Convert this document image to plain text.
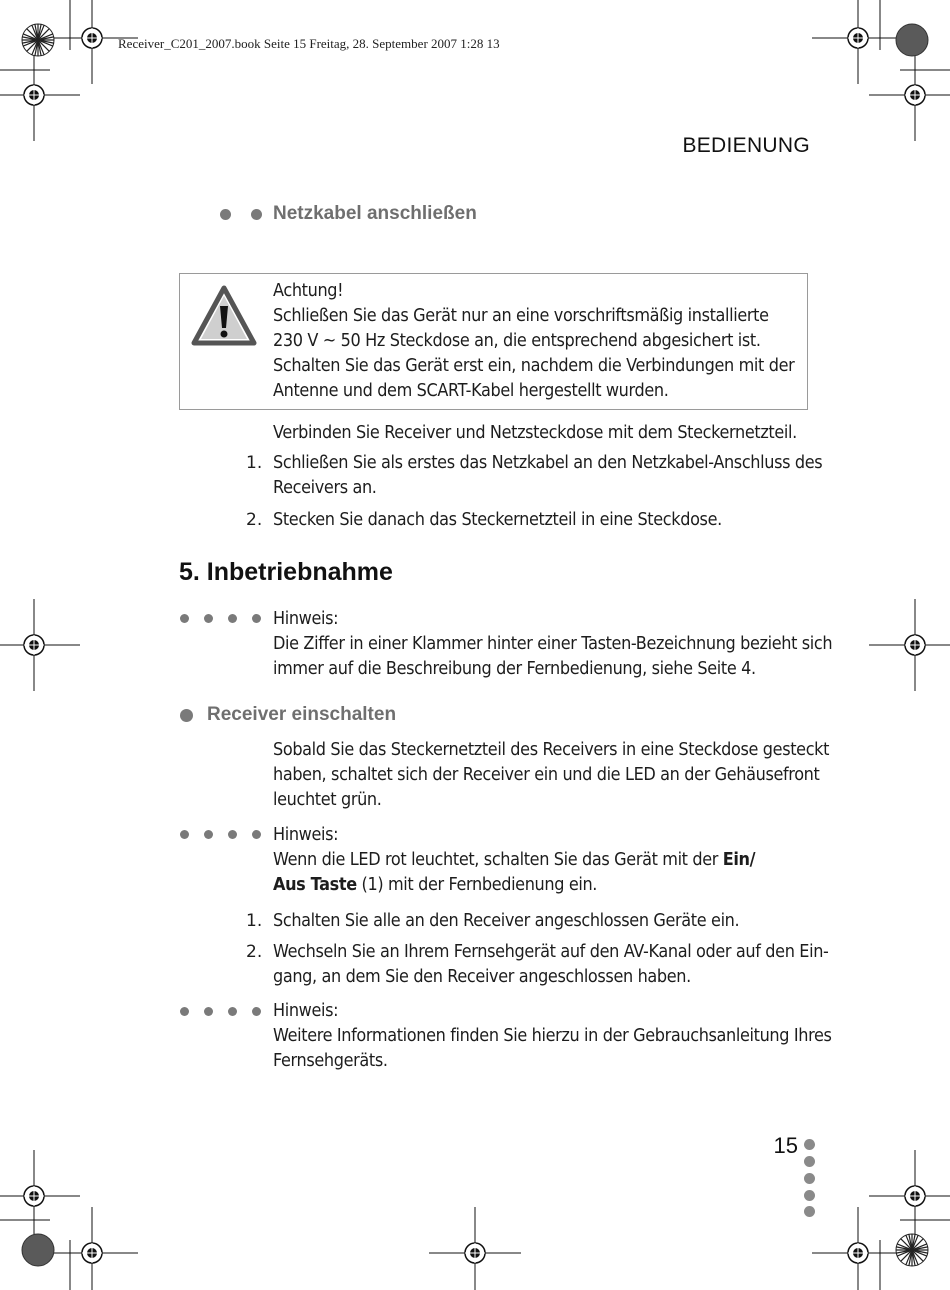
Receiver_C201_2007.book Seite 15 Freitag, 28. September 2007 1:28 13
BEDIENUNG
Netzkabel anschließen
Achtung!
Schließen Sie das Gerät nur an eine vorschriftsmäßig installierte
230 V ~ 50 Hz Steckdose an, die entsprechend abgesichert ist.
Schalten Sie das Gerät erst ein, nachdem die Verbindungen mit der
Antenne und dem SCART-Kabel hergestellt wurden.
Verbinden Sie Receiver und Netzsteckdose mit dem Steckernetzteil.
1. Schließen Sie als erstes das Netzkabel an den Netzkabel-Anschluss des
Receivers an.
2. Stecken Sie danach das Steckernetzteil in eine Steckdose.
5. Inbetriebnahme
Hinweis:
Die Ziffer in einer Klammer hinter einer Tasten-Bezeichnung bezieht sich
immer auf die Beschreibung der Fernbedienung, siehe Seite 4.
Receiver einschalten
Sobald Sie das Steckernetzteil des Receivers in eine Steckdose gesteckt
haben, schaltet sich der Receiver ein und die LED an der Gehäusefront
leuchtet grün.
Hinweis:
Wenn die LED rot leuchtet, schalten Sie das Gerät mit der Ein/
Aus Taste (1) mit der Fernbedienung ein.
1. Schalten Sie alle an den Receiver angeschlossen Geräte ein.
2. Wechseln Sie an Ihrem Fernsehgerät auf den AV-Kanal oder auf den Ein-
gang, an dem Sie den Receiver angeschlossen haben.
Hinweis:
Weitere Informationen finden Sie hierzu in der Gebrauchsanleitung Ihres
Fernsehgeräts.
15
